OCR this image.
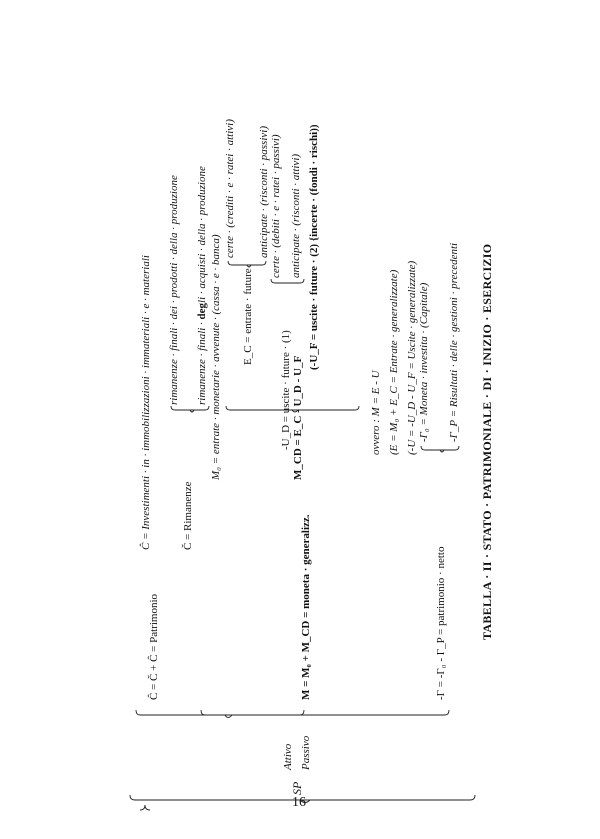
16
SP
Attivo Passivo
Ĉ = Č + Ĉ = Patrimonio
Ĉ = Investimenti · in · immobilizzazioni · immateriali · e · materiali	Č = Rimanenze
rimanenze · finali · dei · prodotti · della · produzione rimanenze · finali · degli · acquisti · della · produzione
M = M₀ + M_CD = moneta · generalizz.
M₀ = entrate · monetarie · avvenute · (cassa · e · banca)	M_CD = E_C - U_D - U_F
E_C = entrate · future
certe · (crediti · e · ratei · attivi) anticipate · (risconti · passivi)
-U_D = uscite · future · (1)
certe · (debiti · e · ratei · passivi) anticipate · (risconti · attivi) (-U_F = uscite · future · (2) {incerte · (fondi · rischi))
ovvero : M = E - U (E = M₀ + E_C = Entrate · generalizzate) (-U = -U_D - U_F = Uscite · generalizzate)
-Γ = -Γ₀ - Γ_P = patrimonio · netto
-Γ₀ = Moneta · investita · (Capitale) -Γ_P = Risultati · delle · gestioni · precedenti TABELLA · II · STATO · PATRIMONIALE · DI · INIZIO · ESERCIZIO
